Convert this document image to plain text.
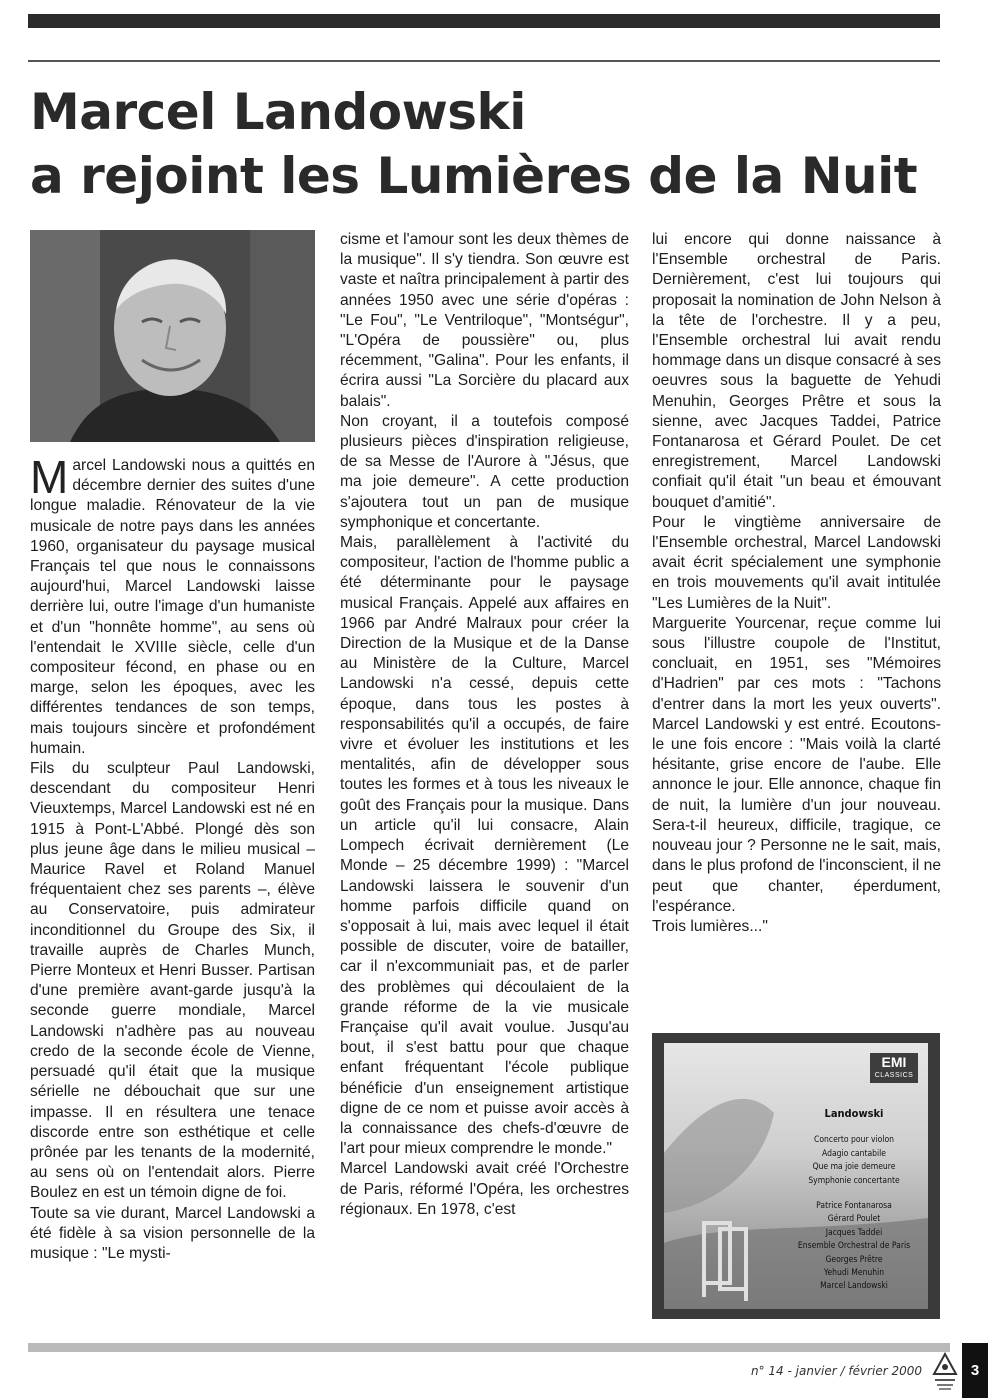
Marcel Landowski
a rejoint les Lumières de la Nuit

Marcel Landowski nous a quittés en décembre dernier des suites d'une longue maladie. Rénovateur de la vie musicale de notre pays dans les années 1960, organisateur du paysage musical Français tel que nous le connaissons aujourd'hui, Marcel Landowski laisse derrière lui, outre l'image d'un humaniste et d'un "honnête homme", au sens où l'entendait le XVIIIe siècle, celle d'un compositeur fécond, en phase ou en marge, selon les époques, avec les différentes tendances de son temps, mais toujours sincère et profondément humain.

Fils du sculpteur Paul Landowski, descendant du compositeur Henri Vieuxtemps, Marcel Landowski est né en 1915 à Pont-L'Abbé. Plongé dès son plus jeune âge dans le milieu musical – Maurice Ravel et Roland Manuel fréquentaient chez ses parents –, élève au Conservatoire, puis admirateur inconditionnel du Groupe des Six, il travaille auprès de Charles Munch, Pierre Monteux et Henri Busser. Partisan d'une première avant-garde jusqu'à la seconde guerre mondiale, Marcel Landowski n'adhère pas au nouveau credo de la seconde école de Vienne, persuadé qu'il était que la musique sérielle ne débouchait que sur une impasse. Il en résultera une tenace discorde entre son esthétique et celle prônée par les tenants de la modernité, au sens où on l'entendait alors. Pierre Boulez en est un témoin digne de foi.

Toute sa vie durant, Marcel Landowski a été fidèle à sa vision personnelle de la musique : "Le mysti-

cisme et l'amour sont les deux thèmes de la musique". Il s'y tiendra. Son œuvre est vaste et naîtra principalement à partir des années 1950 avec une série d'opéras : "Le Fou", "Le Ventriloque", "Montségur", "L'Opéra de poussière" ou, plus récemment, "Galina". Pour les enfants, il écrira aussi "La Sorcière du placard aux balais".

Non croyant, il a toutefois composé plusieurs pièces d'inspiration religieuse, de sa Messe de l'Aurore à "Jésus, que ma joie demeure". A cette production s'ajoutera tout un pan de musique symphonique et concertante.

Mais, parallèlement à l'activité du compositeur, l'action de l'homme public a été déterminante pour le paysage musical Français. Appelé aux affaires en 1966 par André Malraux pour créer la Direction de la Musique et de la Danse au Ministère de la Culture, Marcel Landowski n'a cessé, depuis cette époque, dans tous les postes à responsabilités qu'il a occupés, de faire vivre et évoluer les institutions et les mentalités, afin de développer sous toutes les formes et à tous les niveaux le goût des Français pour la musique. Dans un article qu'il lui consacre, Alain Lompech écrivait dernièrement (Le Monde – 25 décembre 1999) : "Marcel Landowski laissera le souvenir d'un homme parfois difficile quand on s'opposait à lui, mais avec lequel il était possible de discuter, voire de batailler, car il n'excommuniait pas, et de parler des problèmes qui découlaient de la grande réforme de la vie musicale Française qu'il avait voulue. Jusqu'au bout, il s'est battu pour que chaque enfant fréquentant l'école publique bénéficie d'un enseignement artistique digne de ce nom et puisse avoir accès à la connaissance des chefs-d'œuvre de l'art pour mieux comprendre le monde."

Marcel Landowski avait créé l'Orchestre de Paris, réformé l'Opéra, les orchestres régionaux. En 1978, c'est

lui encore qui donne naissance à l'Ensemble orchestral de Paris. Dernièrement, c'est lui toujours qui proposait la nomination de John Nelson à la tête de l'orchestre. Il y a peu, l'Ensemble orchestral lui avait rendu hommage dans un disque consacré à ses oeuvres sous la baguette de Yehudi Menuhin, Georges Prêtre et sous la sienne, avec Jacques Taddei, Patrice Fontanarosa et Gérard Poulet. De cet enregistrement, Marcel Landowski confiait qu'il était "un beau et émouvant bouquet d'amitié".

Pour le vingtième anniversaire de l'Ensemble orchestral, Marcel Landowski avait écrit spécialement une symphonie en trois mouvements qu'il avait intitulée "Les Lumières de la Nuit".

Marguerite Yourcenar, reçue comme lui sous l'illustre coupole de l'Institut, concluait, en 1951, ses "Mémoires d'Hadrien" par ces mots : "Tachons d'entrer dans la mort les yeux ouverts". Marcel Landowski y est entré. Ecoutons-le une fois encore : "Mais voilà la clarté hésitante, grise encore de l'aube. Elle annonce le jour. Elle annonce, chaque fin de nuit, la lumière d'un jour nouveau. Sera-t-il heureux, difficile, tragique, ce nouveau jour ? Personne ne le sait, mais, dans le plus profond de l'inconscient, il ne peut que chanter, éperdument, l'espérance.

Trois lumières..."

EMI
CLASSICS
Landowski
Concerto pour violon
Adagio cantabile
Que ma joie demeure
Symphonie concertante
Patrice Fontanarosa
Gérard Poulet
Jacques Taddei
Ensemble Orchestral de Paris
Georges Prêtre
Yehudi Menuhin
Marcel Landowski
n° 14 - janvier / février 2000	3
